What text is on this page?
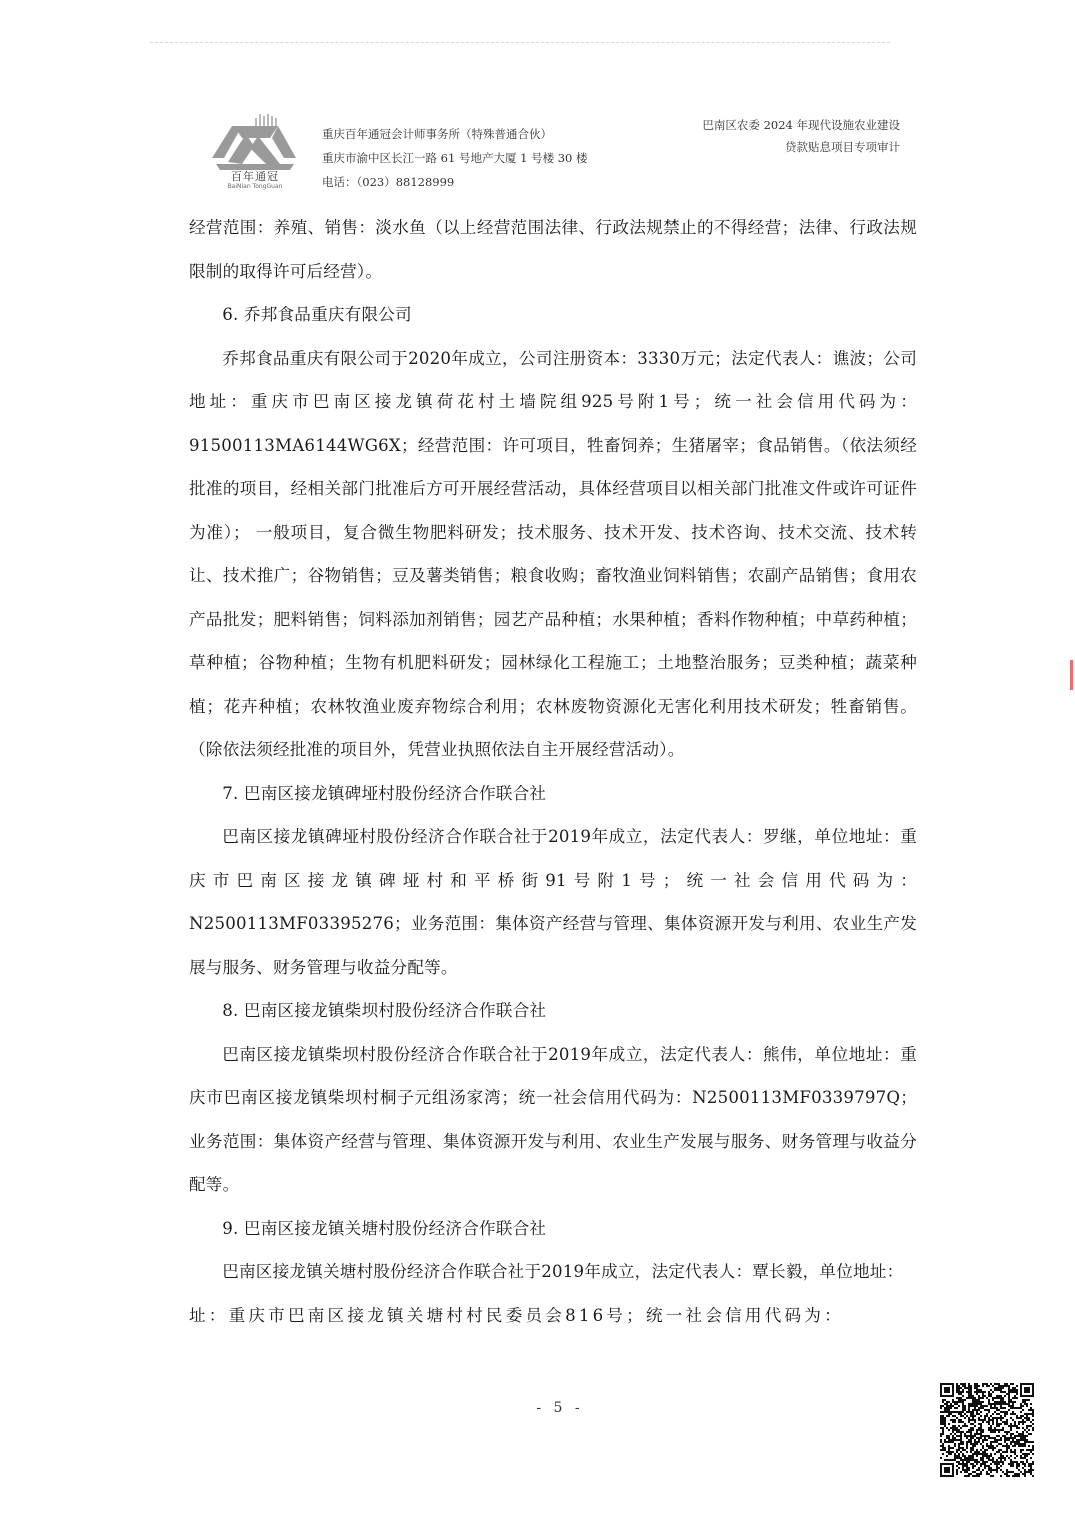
百年通冠
BaiNian TongGuan
重庆百年通冠会计师事务所（特殊普通合伙）
重庆市渝中区长江一路 61 号地产大厦 1 号楼 30 楼
电话：（023）88128999
巴南区农委 2024 年现代设施农业建设
贷款贴息项目专项审计

经营范围：养殖、销售：淡水鱼（以上经营范围法律、行政法规禁止的不得经营；法律、行政法规限制的取得许可后经营）。

6. 乔邦食品重庆有限公司

乔邦食品重庆有限公司于2020年成立，公司注册资本：3330万元；法定代表人：谯波；公司地址：重庆市巴南区接龙镇荷花村土墙院组925号附1号；统一社会信用代码为：91500113MA6144WG6X；经营范围：许可项目，牲畜饲养；生猪屠宰；食品销售。（依法须经批准的项目，经相关部门批准后方可开展经营活动，具体经营项目以相关部门批准文件或许可证件为准）； 一般项目，复合微生物肥料研发；技术服务、技术开发、技术咨询、技术交流、技术转让、技术推广；谷物销售；豆及薯类销售；粮食收购；畜牧渔业饲料销售；农副产品销售；食用农产品批发；肥料销售；饲料添加剂销售；园艺产品种植；水果种植；香料作物种植；中草药种植；草种植；谷物种植；生物有机肥料研发；园林绿化工程施工；土地整治服务；豆类种植；蔬菜种植；花卉种植；农林牧渔业废弃物综合利用；农林废物资源化无害化利用技术研发；牲畜销售。（除依法须经批准的项目外，凭营业执照依法自主开展经营活动）。

7. 巴南区接龙镇碑垭村股份经济合作联合社

巴南区接龙镇碑垭村股份经济合作联合社于2019年成立，法定代表人：罗继，单位地址：重庆市巴南区接龙镇碑垭村和平桥街91号附1号；统一社会信用代码为：N2500113MF03395276；业务范围：集体资产经营与管理、集体资源开发与利用、农业生产发展与服务、财务管理与收益分配等。

8. 巴南区接龙镇柴坝村股份经济合作联合社

巴南区接龙镇柴坝村股份经济合作联合社于2019年成立，法定代表人：熊伟，单位地址：重庆市巴南区接龙镇柴坝村桐子元组汤家湾；统一社会信用代码为：N2500113MF0339797Q；业务范围：集体资产经营与管理、集体资源开发与利用、农业生产发展与服务、财务管理与收益分配等。

9. 巴南区接龙镇关塘村股份经济合作联合社

巴南区接龙镇关塘村股份经济合作联合社于2019年成立，法定代表人：覃长毅，单位地址：

址：重庆市巴南区接龙镇关塘村村民委员会816号；统一社会信用代码为：

- 5 -
